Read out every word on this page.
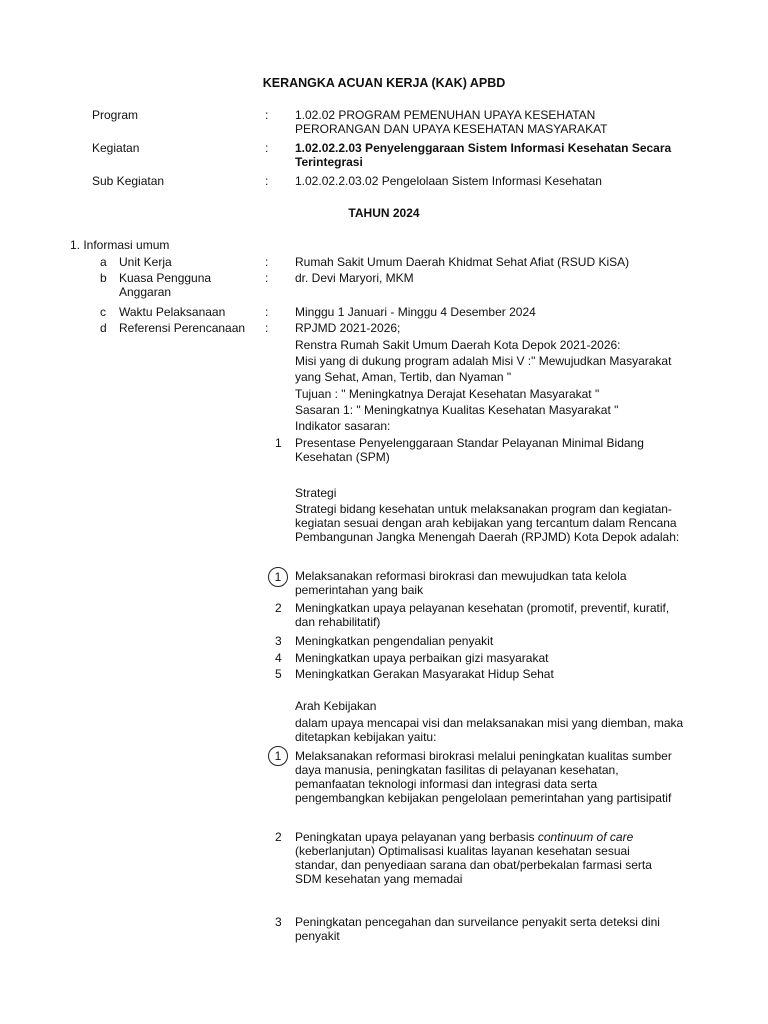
KERANGKA ACUAN KERJA (KAK) APBD
Program	: 1.02.02 PROGRAM PEMENUHAN UPAYA KESEHATAN
PERORANGAN DAN UPAYA KESEHATAN MASYARAKAT
Kegiatan	: 1.02.02.2.03 Penyelenggaraan Sistem Informasi Kesehatan Secara
Terintegrasi
Sub Kegiatan	: 1.02.02.2.03.02 Pengelolaan Sistem Informasi Kesehatan
TAHUN 2024
1. Informasi umum
a	Unit Kerja	: Rumah Sakit Umum Daerah Khidmat Sehat Afiat (RSUD KiSA)
b	Kuasa Pengguna
Anggaran
: dr. Devi Maryori, MKM
c	Waktu Pelaksanaan	: Minggu 1 Januari - Minggu 4 Desember 2024
d	Referensi Perencanaan	: RPJMD 2021-2026;
Renstra Rumah Sakit Umum Daerah Kota Depok 2021-2026:
Misi yang di dukung program adalah Misi V :" Mewujudkan Masyarakat
yang Sehat, Aman, Tertib, dan Nyaman "
Tujuan : " Meningkatnya Derajat Kesehatan Masyarakat "
Sasaran 1: " Meningkatnya Kualitas Kesehatan Masyarakat "
Indikator sasaran:
1	Presentase Penyelenggaraan Standar Pelayanan Minimal Bidang
Kesehatan (SPM)
Strategi
Strategi bidang kesehatan untuk melaksanakan program dan kegiatan-
kegiatan sesuai dengan arah kebijakan yang tercantum dalam Rencana
Pembangunan Jangka Menengah Daerah (RPJMD) Kota Depok adalah:
1	Melaksanakan reformasi birokrasi dan mewujudkan tata kelola
pemerintahan yang baik
2	Meningkatkan upaya pelayanan kesehatan (promotif, preventif, kuratif,
dan rehabilitatif)
3	Meningkatkan pengendalian penyakit
4	Meningkatkan upaya perbaikan gizi masyarakat
5	Meningkatkan Gerakan Masyarakat Hidup Sehat
Arah Kebijakan
dalam upaya mencapai visi dan melaksanakan misi yang diemban, maka
ditetapkan kebijakan yaitu:
1	Melaksanakan reformasi birokrasi melalui peningkatan kualitas sumber
daya manusia, peningkatan fasilitas di pelayanan kesehatan,
pemanfaatan teknologi informasi dan integrasi data serta
pengembangkan kebijakan pengelolaan pemerintahan yang partisipatif
2	Peningkatan upaya pelayanan yang berbasis continuum of care
(keberlanjutan) Optimalisasi kualitas layanan kesehatan sesuai
standar, dan penyediaan sarana dan obat/perbekalan farmasi serta
SDM kesehatan yang memadai
3	Peningkatan pencegahan dan surveilance penyakit serta deteksi dini
penyakit
